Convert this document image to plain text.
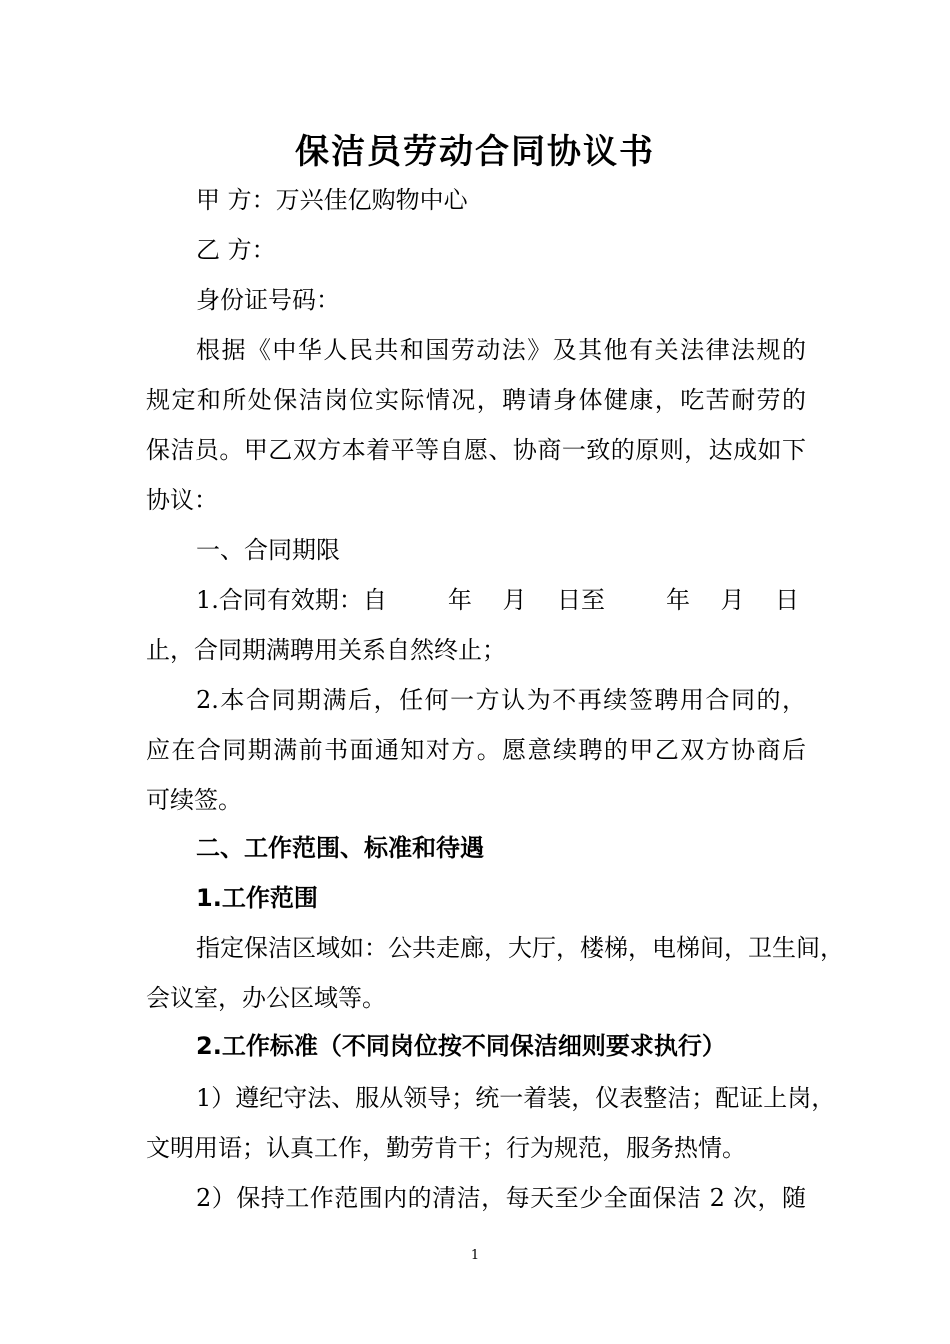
保洁员劳动合同协议书
甲 方：万兴佳亿购物中心
乙 方：
身份证号码：
根据《中华人民共和国劳动法》及其他有关法律法规的
规定和所处保洁岗位实际情况，聘请身体健康，吃苦耐劳的
保洁员。甲乙双方本着平等自愿、协商一致的原则，达成如下
协议：
一、合同期限
1.合同有效期：自        年    月    日至        年    月    日
止，合同期满聘用关系自然终止；
2.本合同期满后，任何一方认为不再续签聘用合同的，
应在合同期满前书面通知对方。愿意续聘的甲乙双方协商后
可续签。
二、工作范围、标准和待遇
1.工作范围
指定保洁区域如：公共走廊，大厅，楼梯，电梯间，卫生间，
会议室，办公区域等。
2.工作标准（不同岗位按不同保洁细则要求执行）
1）遵纪守法、服从领导；统一着装，仪表整洁；配证上岗，
文明用语；认真工作，勤劳肯干；行为规范，服务热情。
2）保持工作范围内的清洁，每天至少全面保洁 2 次，随
1
